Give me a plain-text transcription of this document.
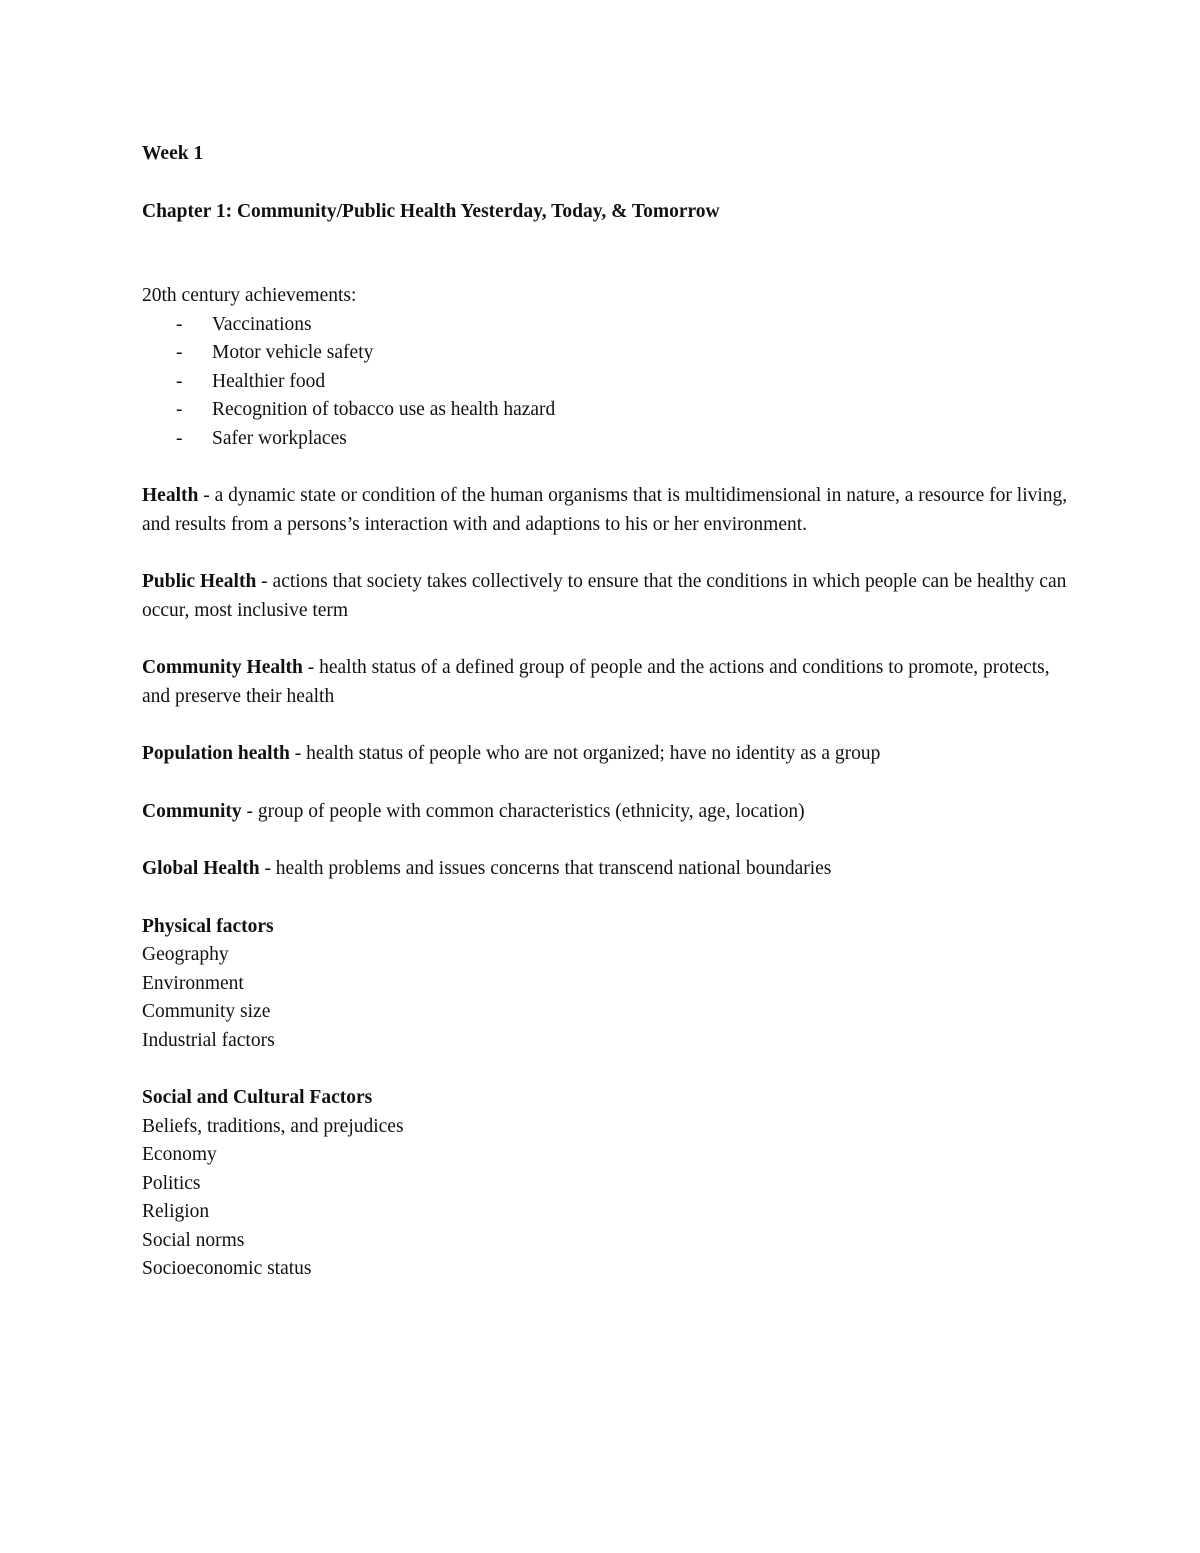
Week 1

Chapter 1: Community/Public Health Yesterday, Today, & Tomorrow

20th century achievements:

- Vaccinations
- Motor vehicle safety
- Healthier food
- Recognition of tobacco use as health hazard
- Safer workplaces

Health - a dynamic state or condition of the human organisms that is multidimensional in nature, a resource for living, and results from a persons’s interaction with and adaptions to his or her environment.

Public Health - actions that society takes collectively to ensure that the conditions in which people can be healthy can occur, most inclusive term

Community Health - health status of a defined group of people and the actions and conditions to promote, protects, and preserve their health

Population health - health status of people who are not organized; have no identity as a group

Community - group of people with common characteristics (ethnicity, age, location)

Global Health - health problems and issues concerns that transcend national boundaries

Physical factors

Geography

Environment

Community size

Industrial factors

Social and Cultural Factors

Beliefs, traditions, and prejudices

Economy

Politics

Religion

Social norms

Socioeconomic status
